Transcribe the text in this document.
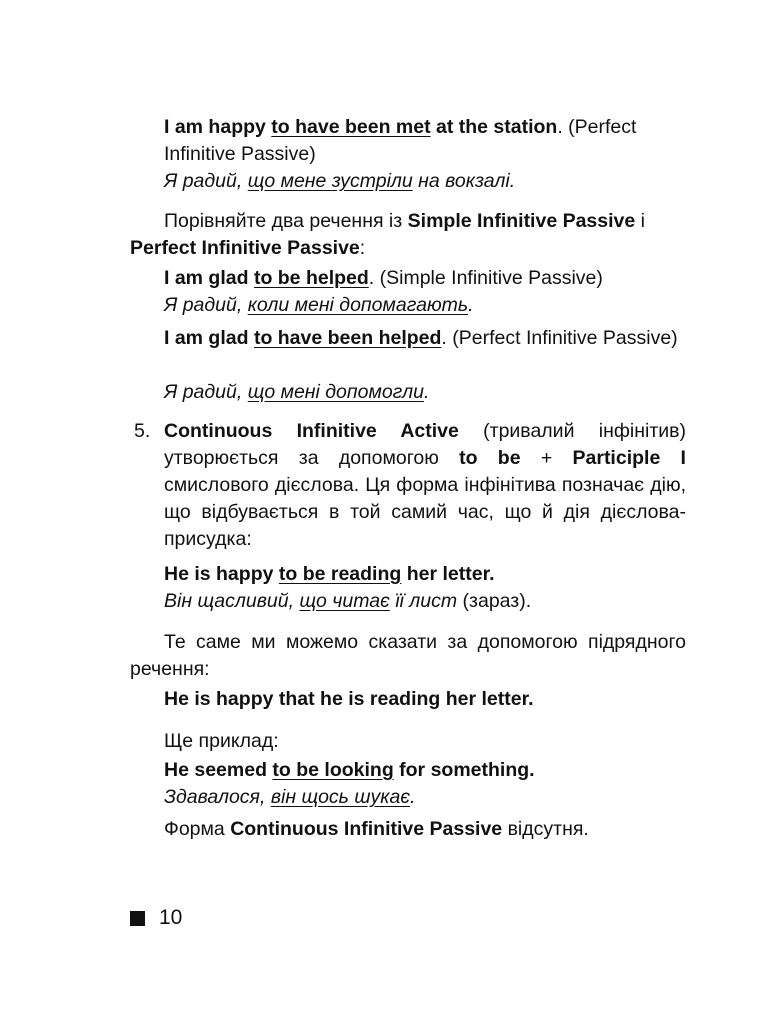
I am happy to have been met at the station. (Perfect Infinitive Passive)
Я радий, що мене зустріли на вокзалі.
Порівняйте два речення із Simple Infinitive Passive і Perfect Infinitive Passive:
I am glad to be helped. (Simple Infinitive Passive)
Я радий, коли мені допомагають.
I am glad to have been helped. (Perfect Infinitive Passive)
Я радий, що мені допомогли.
5. Continuous Infinitive Active (тривалий інфінітив) утворюється за допомогою to be + Participle I смислового дієслова. Ця форма інфінітива позначає дію, що відбувається в той самий час, що й дія дієслова-присудка:
He is happy to be reading her letter.
Він щасливий, що читає її лист (зараз).
Те саме ми можемо сказати за допомогою підрядного речення:
He is happy that he is reading her letter.
Ще приклад:
He seemed to be looking for something.
Здавалося, він щось шукає.
Форма Continuous Infinitive Passive відсутня.
10
